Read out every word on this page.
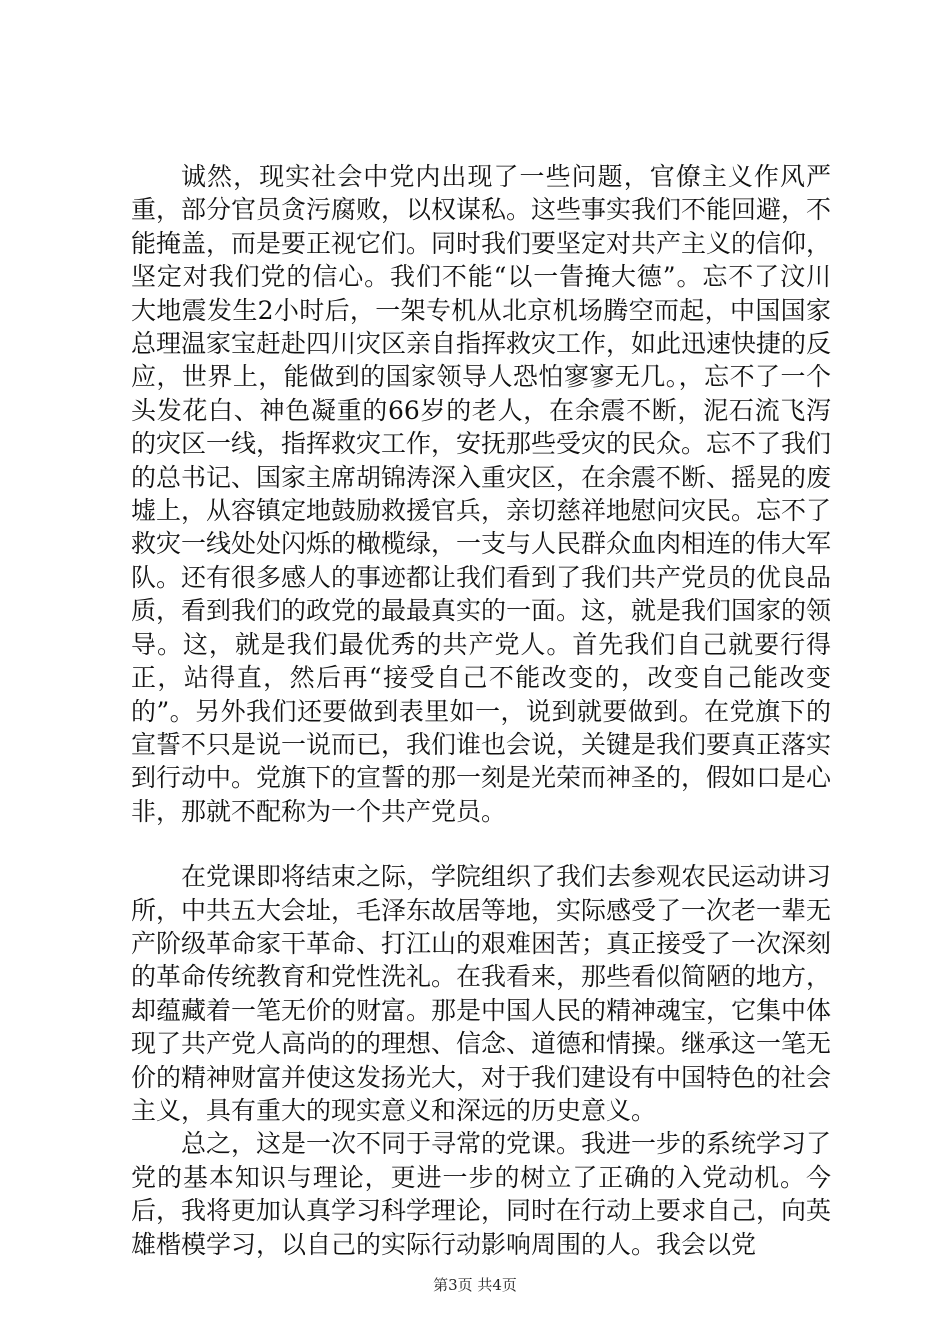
诚然，现实社会中党内出现了一些问题，官僚主义作风严重，部分官员贪污腐败，以权谋私。这些事实我们不能回避，不能掩盖，而是要正视它们。同时我们要坚定对共产主义的信仰，坚定对我们党的信心。我们不能“以一眚掩大德”。忘不了汶川大地震发生2小时后，一架专机从北京机场腾空而起，中国国家总理温家宝赶赴四川灾区亲自指挥救灾工作，如此迅速快捷的反应，世界上，能做到的国家领导人恐怕寥寥无几。，忘不了一个头发花白、神色凝重的66岁的老人，在余震不断，泥石流飞泻的灾区一线，指挥救灾工作，安抚那些受灾的民众。忘不了我们的总书记、国家主席胡锦涛深入重灾区，在余震不断、摇晃的废墟上，从容镇定地鼓励救援官兵，亲切慈祥地慰问灾民。忘不了救灾一线处处闪烁的橄榄绿，一支与人民群众血肉相连的伟大军队。还有很多感人的事迹都让我们看到了我们共产党员的优良品质，看到我们的政党的最最真实的一面。这，就是我们国家的领导。这，就是我们最优秀的共产党人。首先我们自己就要行得正，站得直，然后再“接受自己不能改变的，改变自己能改变的”。另外我们还要做到表里如一，说到就要做到。在党旗下的宣誓不只是说一说而已，我们谁也会说，关键是我们要真正落实到行动中。党旗下的宣誓的那一刻是光荣而神圣的，假如口是心非，那就不配称为一个共产党员。

在党课即将结束之际，学院组织了我们去参观农民运动讲习所，中共五大会址，毛泽东故居等地，实际感受了一次老一辈无产阶级革命家干革命、打江山的艰难困苦；真正接受了一次深刻的革命传统教育和党性洗礼。在我看来，那些看似简陋的地方，却蕴藏着一笔无价的财富。那是中国人民的精神魂宝，它集中体现了共产党人高尚的的理想、信念、道德和情操。继承这一笔无价的精神财富并使这发扬光大，对于我们建设有中国特色的社会主义，具有重大的现实意义和深远的历史意义。

总之，这是一次不同于寻常的党课。我进一步的系统学习了党的基本知识与理论，更进一步的树立了正确的入党动机。今后，我将更加认真学习科学理论，同时在行动上要求自己，向英雄楷模学习，以自己的实际行动影响周围的人。我会以党

第3页 共4页
